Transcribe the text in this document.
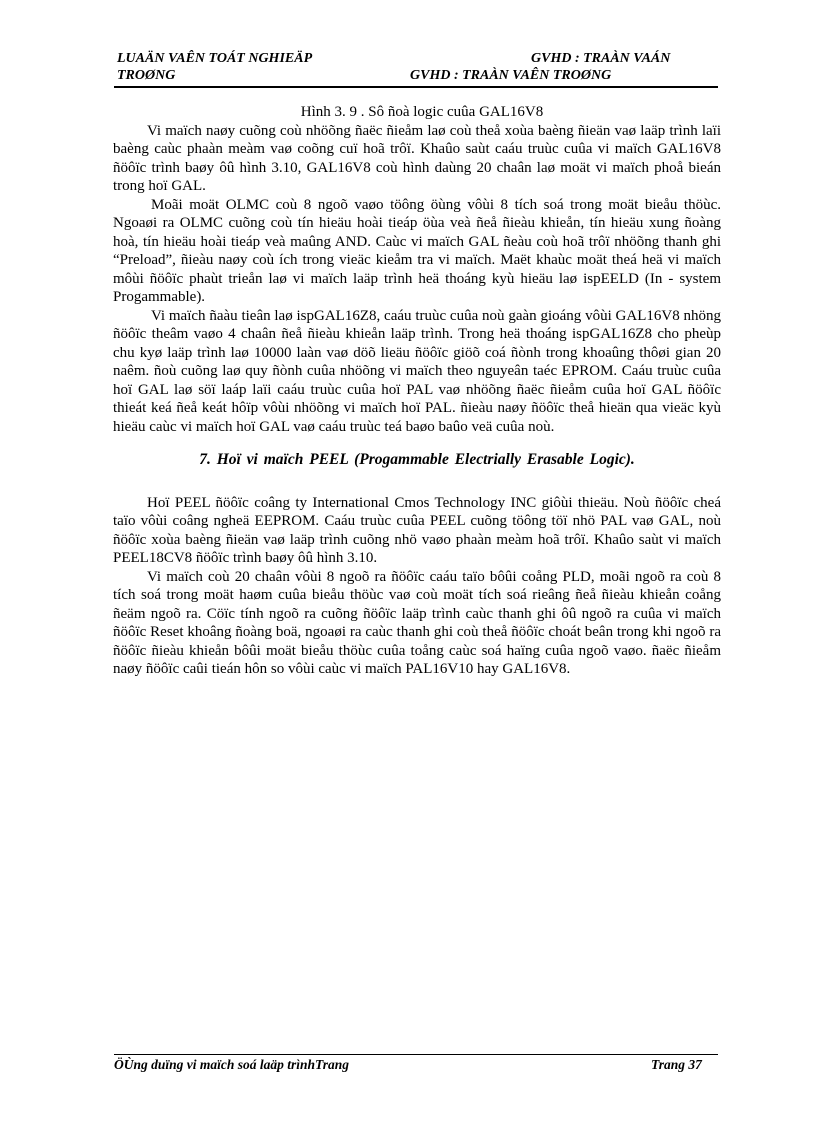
LUAÄN VAÊN TOÁT NGHIEÄP
TROØNG
GVHD : TRAÀN VAÁN
GVHD : TRAÀN VAÊN TROØNG

Hình 3. 9 . Sô ñoà logic cuûa GAL16V8

Vi maïch naøy cuõng coù nhöõng ñaëc ñieåm laø coù theå xoùa baèng ñieän vaø laäp trình laïi baèng caùc phaàn meàm vaø coõng cuï hoã trôï. Khaûo saùt caáu truùc cuûa vi maïch GAL16V8 ñöôïc trình baøy ôû hình 3.10, GAL16V8 coù hình daùng 20 chaân laø moät vi maïch phoå bieán trong hoï GAL.

Moãi moät OLMC coù 8 ngoõ vaøo töông öùng vôùi 8 tích soá trong moät bieåu thöùc. Ngoaøi ra OLMC cuõng coù tín hieäu hoài tieáp öùa veà ñeå ñieàu khieån, tín hieäu xung ñoàng hoà, tín hieäu hoài tieáp veà maûng AND. Caùc vi maïch GAL ñeàu coù hoã trôï nhöõng thanh ghi “Preload”, ñieàu naøy coù ích trong vieäc kieåm tra vi maïch. Maët khaùc moät theá heä vi maïch môùi ñöôïc phaùt trieån laø vi maïch laäp trình heä thoáng kyù hieäu laø ispEELD (In - system Progammable).

Vi maïch ñaàu tieân laø ispGAL16Z8, caáu truùc cuûa noù gaàn gioáng vôùi GAL16V8 nhöng ñöôïc theâm vaøo 4 chaân ñeå ñieàu khieån laäp trình. Trong heä thoáng ispGAL16Z8 cho pheùp chu kyø laäp trình laø 10000 laàn vaø döõ lieäu ñöôïc giöõ coá ñònh trong khoaûng thôøi gian 20 naêm. ñoù cuõng laø quy ñònh cuûa nhöõng vi maïch theo nguyeân taéc EPROM. Caáu truùc cuûa hoï GAL laø söï laáp laïi caáu truùc cuûa hoï PAL vaø nhöõng ñaëc ñieåm cuûa hoï GAL ñöôïc thieát keá ñeå keát hôïp vôùi nhöõng vi maïch hoï PAL. ñieàu naøy ñöôïc theå hieän qua vieäc kyù hieäu caùc vi maïch hoï GAL vaø caáu truùc teá baøo baûo veä cuûa noù.

7. Hoï vi maïch PEEL (Progammable Electrially Erasable Logic).

Hoï PEEL ñöôïc coâng ty International Cmos Technology INC giôùi thieäu. Noù ñöôïc cheá taïo vôùi coâng ngheä EEPROM. Caáu truùc cuûa PEEL cuõng töông töï nhö PAL vaø GAL, noù ñöôïc xoùa baèng ñieän vaø laäp trình cuõng nhö vaøo phaàn meàm hoã trôï. Khaûo saùt vi maïch PEEL18CV8 ñöôïc trình baøy ôû hình 3.10.

Vi maïch coù 20 chaân vôùi 8 ngoõ ra ñöôïc caáu taïo bôûi coång PLD, moãi ngoõ ra coù 8 tích soá trong moät haøm cuûa bieåu thöùc vaø coù moät tích soá rieâng ñeå ñieàu khieån coång ñeäm ngoõ ra. Cöïc tính ngoõ ra cuõng ñöôïc laäp trình caùc thanh ghi ôû ngoõ ra cuûa vi maïch ñöôïc Reset khoâng ñoàng boä, ngoaøi ra caùc thanh ghi coù theå ñöôïc choát beân trong khi ngoõ ra ñöôïc ñieàu khieån bôûi moät bieåu thöùc cuûa toång caùc soá haïng cuûa ngoõ vaøo. ñaëc ñieåm naøy ñöôïc caûi tieán hôn so vôùi caùc vi maïch PAL16V10 hay GAL16V8.

ÖÙng duïng vi maïch soá laäp trìnhTrang	Trang 37
